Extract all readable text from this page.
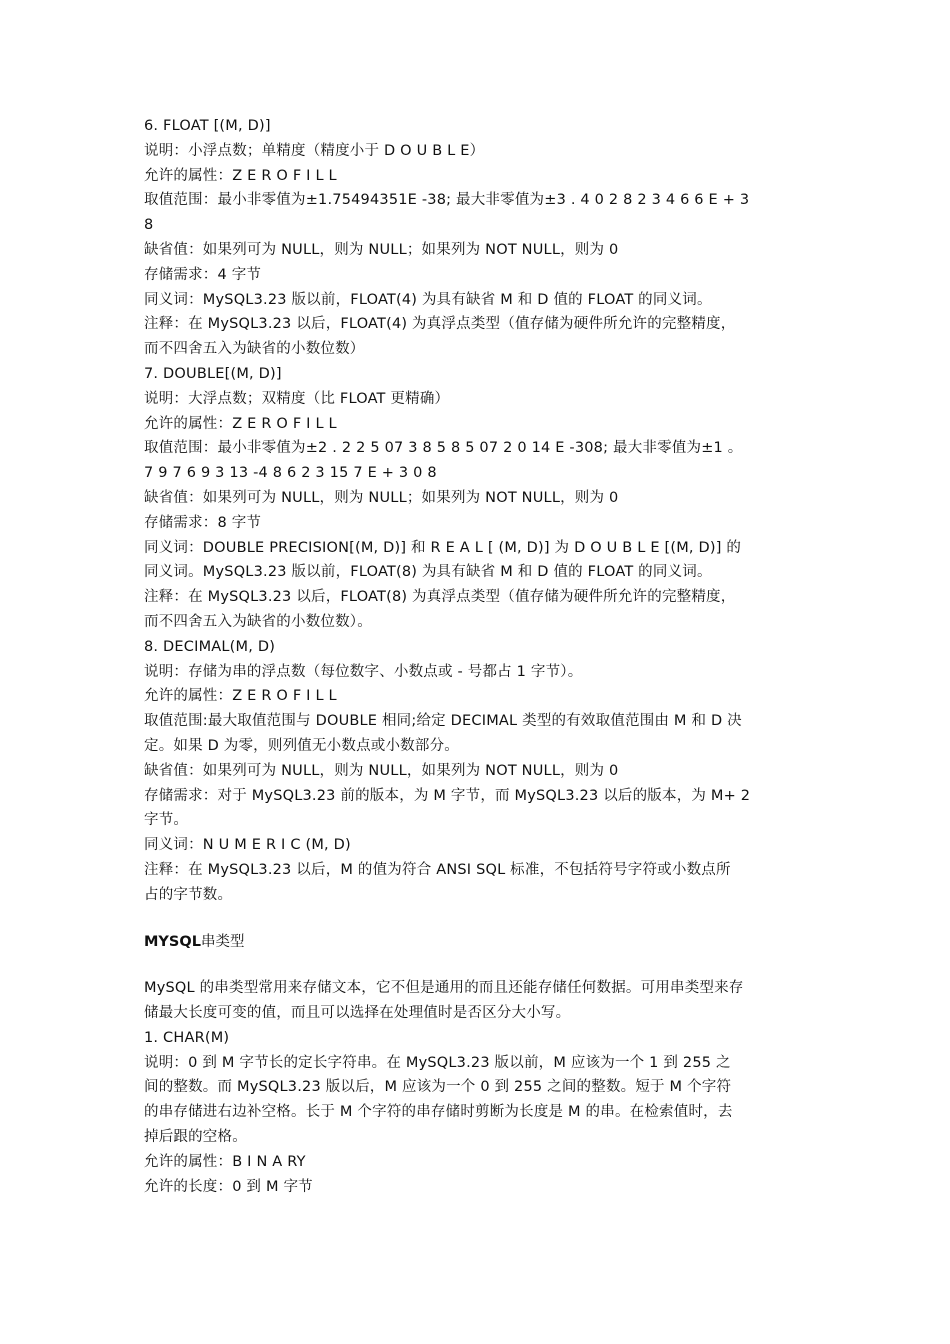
6. FLOAT [(M, D)]
说明：小浮点数；单精度（精度小于 D O U B L E）
允许的属性：Z E R O F I L L
取值范围：最小非零值为±1.75494351E -38; 最大非零值为±3 . 4 0 2 8 2 3 4 6 6 E + 3
8
缺省值：如果列可为 NULL，则为 NULL；如果列为 NOT NULL，则为 0
存储需求：4 字节
同义词：MySQL3.23 版以前，FLOAT(4) 为具有缺省 M 和 D 值的 FLOAT 的同义词。
注释：在 MySQL3.23 以后，FLOAT(4) 为真浮点类型（值存储为硬件所允许的完整精度，
而不四舍五入为缺省的小数位数）
7. DOUBLE[(M, D)]
说明：大浮点数；双精度（比 FLOAT 更精确）
允许的属性：Z E R O F I L L
取值范围：最小非零值为±2 . 2 2 5 07 3 8 5 8 5 07 2 0 14 E -308; 最大非零值为±1 。
7 9 7 6 9 3 13 -4 8 6 2 3 15 7 E + 3 0 8
缺省值：如果列可为 NULL，则为 NULL；如果列为 NOT NULL，则为 0
存储需求：8 字节
同义词：DOUBLE PRECISION[(M, D)] 和 R E A L [ (M, D)] 为 D O U B L E [(M, D)] 的
同义词。MySQL3.23 版以前，FLOAT(8) 为具有缺省 M 和 D 值的 FLOAT 的同义词。
注释：在 MySQL3.23 以后，FLOAT(8) 为真浮点类型（值存储为硬件所允许的完整精度，
而不四舍五入为缺省的小数位数）。
8. DECIMAL(M, D)
说明：存储为串的浮点数（每位数字、小数点或 - 号都占 1 字节）。
允许的属性：Z E R O F I L L
取值范围:最大取值范围与 DOUBLE 相同;给定 DECIMAL 类型的有效取值范围由 M 和 D 决
定。如果 D 为零，则列值无小数点或小数部分。
缺省值：如果列可为 NULL，则为 NULL，如果列为 NOT NULL，则为 0
存储需求：对于 MySQL3.23 前的版本，为 M 字节，而 MySQL3.23 以后的版本，为 M+ 2
字节。
同义词：N U M E R I C (M, D)
注释：在 MySQL3.23 以后，M 的值为符合 ANSI SQL 标准，不包括符号字符或小数点所
占的字节数。
MYSQL串类型
MySQL 的串类型常用来存储文本，它不但是通用的而且还能存储任何数据。可用串类型来存
储最大长度可变的值，而且可以选择在处理值时是否区分大小写。
1. CHAR(M)
说明：0 到 M 字节长的定长字符串。在 MySQL3.23 版以前，M 应该为一个 1 到 255 之
间的整数。而 MySQL3.23 版以后，M 应该为一个 0 到 255 之间的整数。短于 M 个字符
的串存储进右边补空格。长于 M 个字符的串存储时剪断为长度是 M 的串。在检索值时，去
掉后跟的空格。
允许的属性：B I N A RY
允许的长度：0 到 M 字节
